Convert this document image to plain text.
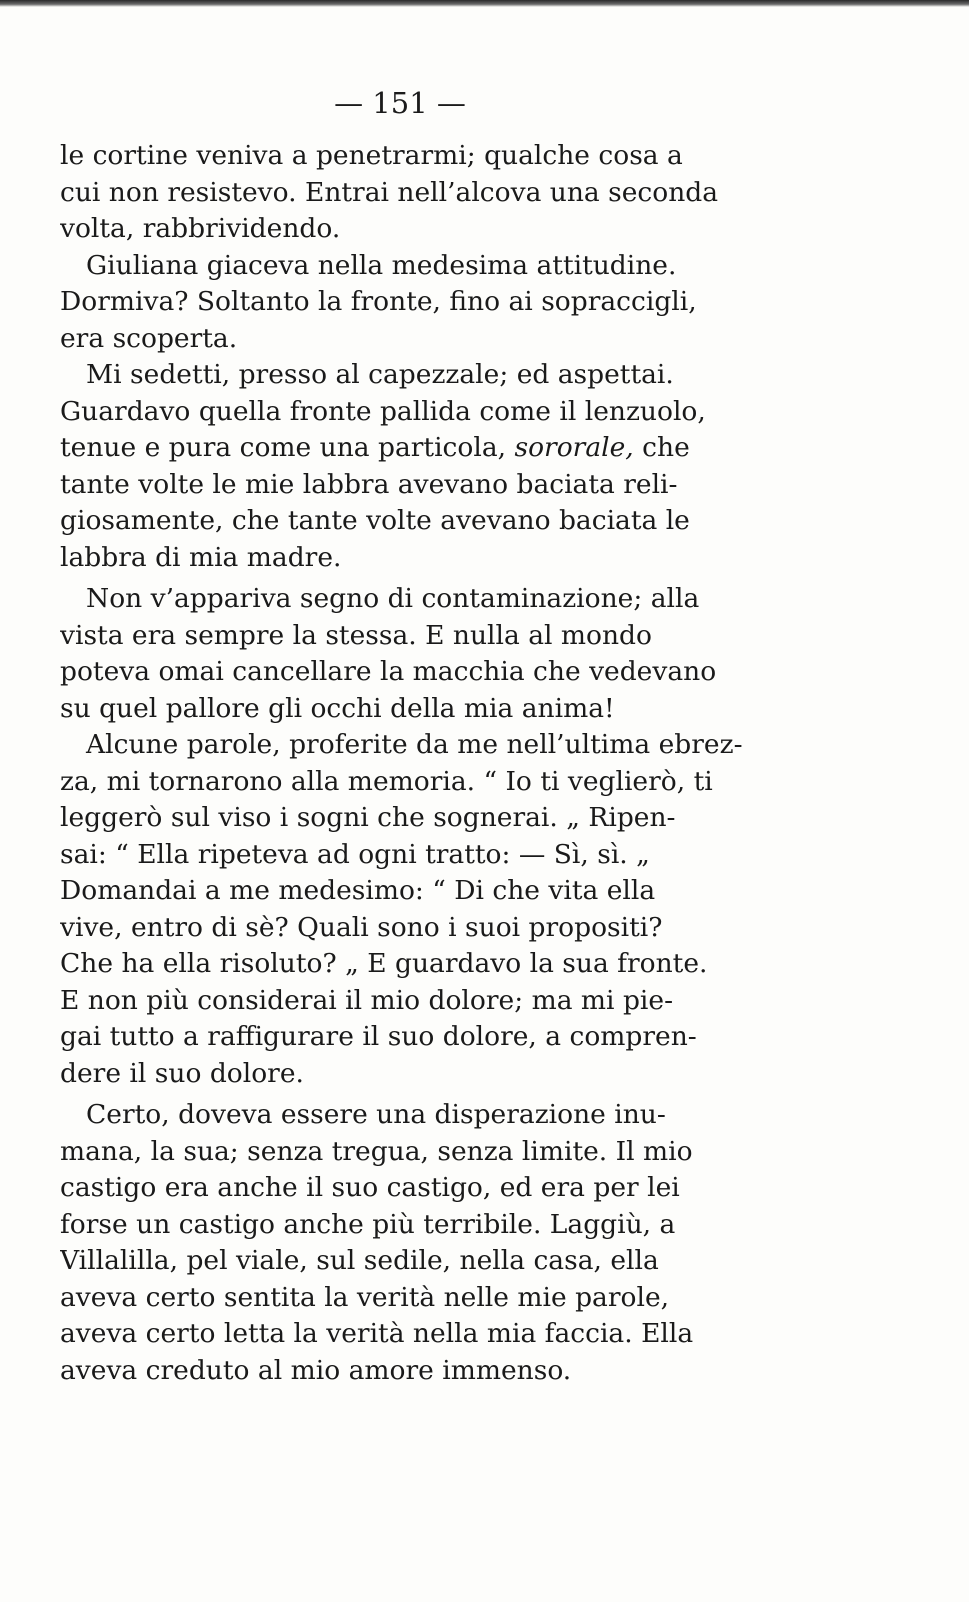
— 151 —

le cortine veniva a penetrarmi; qualche cosa a
cui non resistevo. Entrai nell’alcova una seconda
volta, rabbrividendo.

Giuliana giaceva nella medesima attitudine.
Dormiva? Soltanto la fronte, fino ai sopraccigli,
era scoperta.

Mi sedetti, presso al capezzale; ed aspettai.
Guardavo quella fronte pallida come il lenzuolo,
tenue e pura come una particola, sororale, che
tante volte le mie labbra avevano baciata reli-
giosamente, che tante volte avevano baciata le
labbra di mia madre.

Non v’appariva segno di contaminazione; alla
vista era sempre la stessa. E nulla al mondo
poteva omai cancellare la macchia che vedevano
su quel pallore gli occhi della mia anima!

Alcune parole, proferite da me nell’ultima ebrez-
za, mi tornarono alla memoria. “ Io ti veglierò, ti
leggerò sul viso i sogni che sognerai. „ Ripen-
sai: “ Ella ripeteva ad ogni tratto: — Sì, sì. „
Domandai a me medesimo: “ Di che vita ella
vive, entro di sè? Quali sono i suoi propositi?
Che ha ella risoluto? „ E guardavo la sua fronte.
E non più considerai il mio dolore; ma mi pie-
gai tutto a raffigurare il suo dolore, a compren-
dere il suo dolore.

Certo, doveva essere una disperazione inu-
mana, la sua; senza tregua, senza limite. Il mio
castigo era anche il suo castigo, ed era per lei
forse un castigo anche più terribile. Laggiù, a
Villalilla, pel viale, sul sedile, nella casa, ella
aveva certo sentita la verità nelle mie parole,
aveva certo letta la verità nella mia faccia. Ella
aveva creduto al mio amore immenso.
